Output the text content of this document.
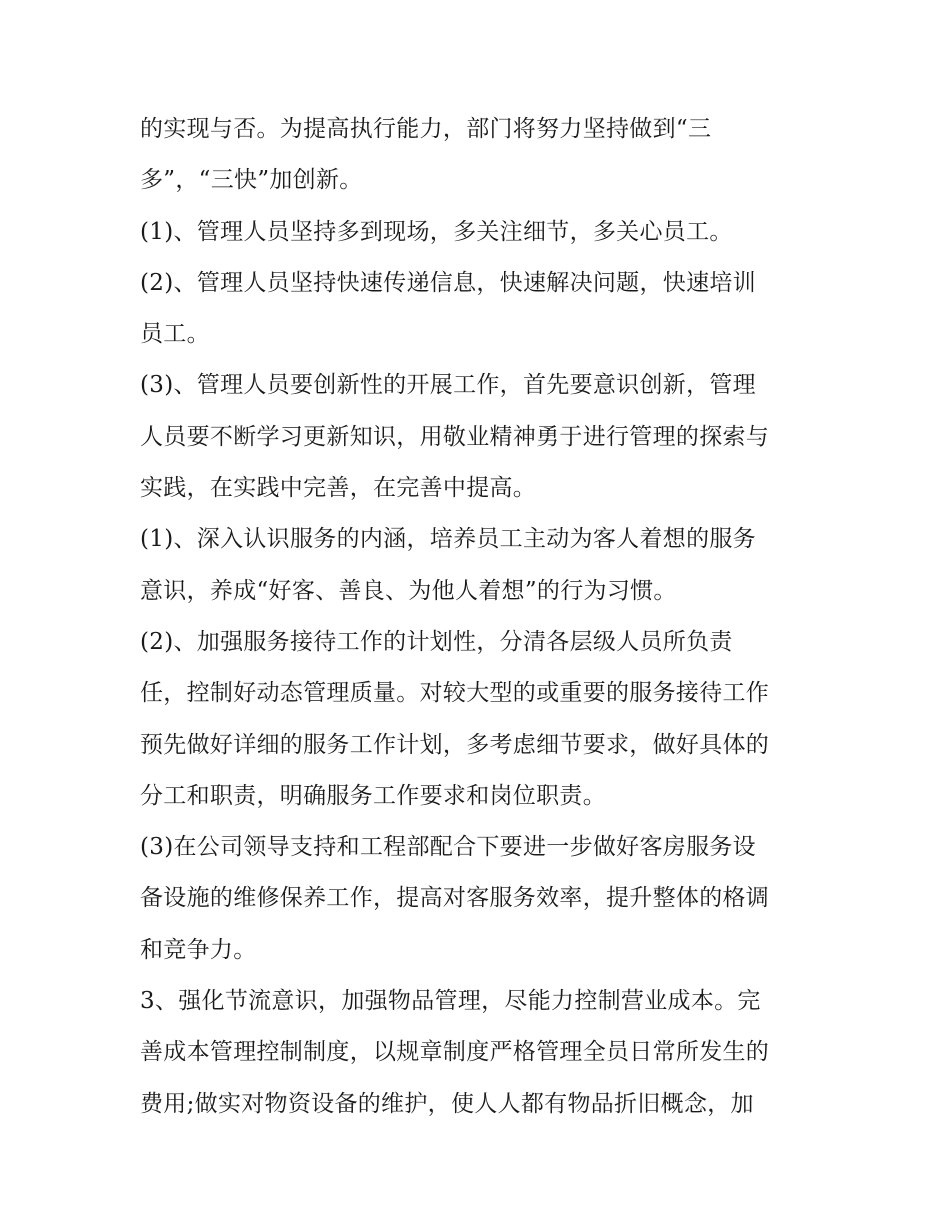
的实现与否。为提高执行能力，部门将努力坚持做到“三
多”，“三快”加创新。
(1)、管理人员坚持多到现场，多关注细节，多关心员工。
(2)、管理人员坚持快速传递信息，快速解决问题，快速培训
员工。
(3)、管理人员要创新性的开展工作，首先要意识创新，管理
人员要不断学习更新知识，用敬业精神勇于进行管理的探索与
实践，在实践中完善，在完善中提高。
(1)、深入认识服务的内涵，培养员工主动为客人着想的服务
意识，养成“好客、善良、为他人着想”的行为习惯。
(2)、加强服务接待工作的计划性，分清各层级人员所负责
任，控制好动态管理质量。对较大型的或重要的服务接待工作
预先做好详细的服务工作计划，多考虑细节要求，做好具体的
分工和职责，明确服务工作要求和岗位职责。
(3)在公司领导支持和工程部配合下要进一步做好客房服务设
备设施的维修保养工作，提高对客服务效率，提升整体的格调
和竞争力。
3、强化节流意识，加强物品管理，尽能力控制营业成本。完
善成本管理控制制度，以规章制度严格管理全员日常所发生的
费用;做实对物资设备的维护，使人人都有物品折旧概念，加
